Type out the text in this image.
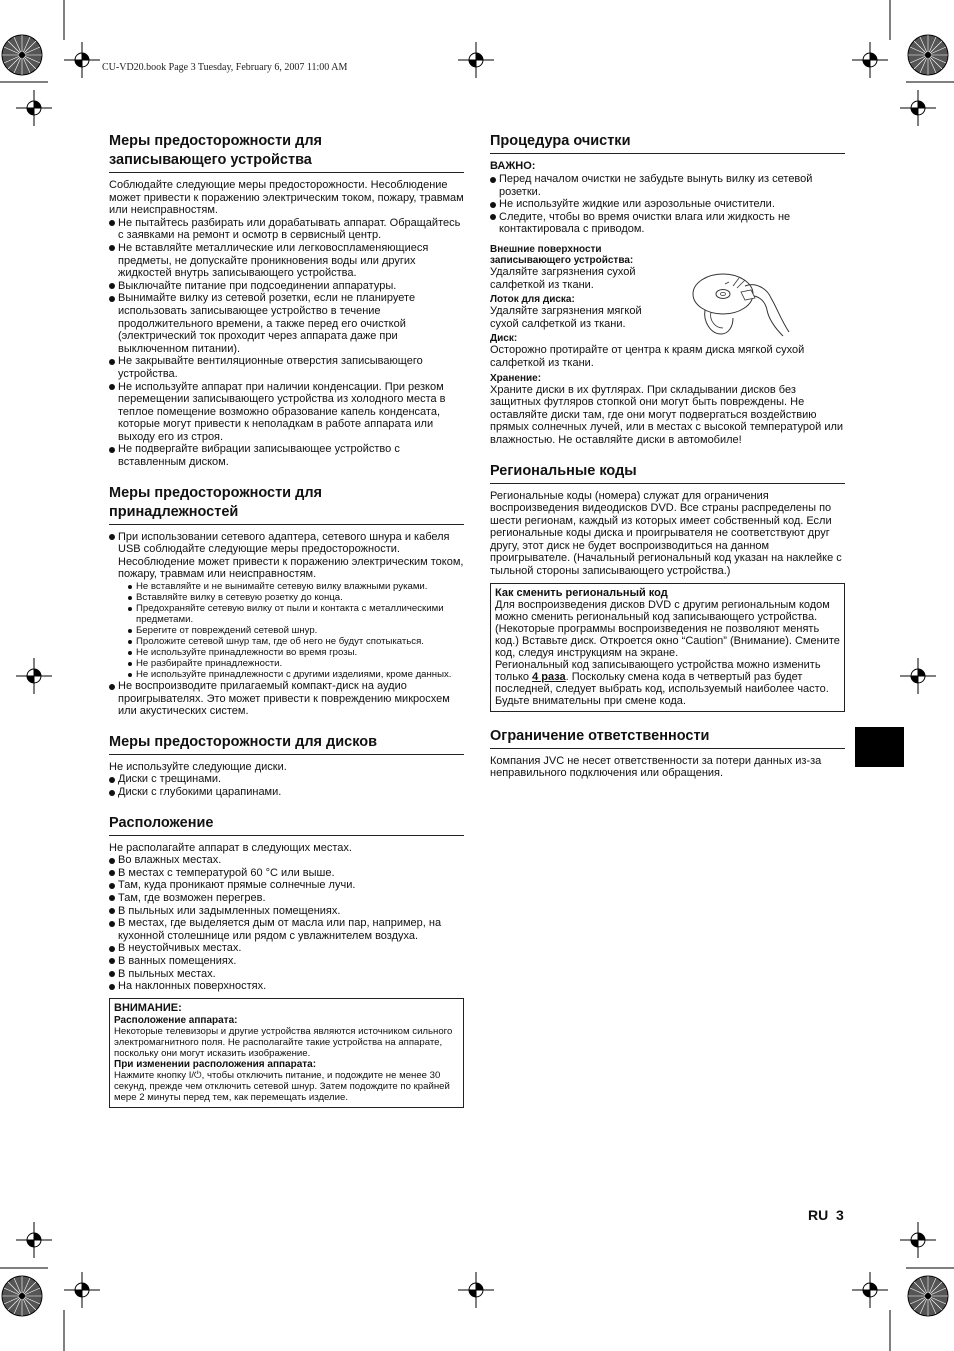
CU-VD20.book Page 3 Tuesday, February 6, 2007 11:00 AM
Меры предосторожности для
записывающего устройства

Соблюдайте следующие меры предосторожности. Несоблюдение может привести к поражению электрическим током, пожару, травмам или неисправностям.

Не пытайтесь разбирать или дорабатывать аппарат. Обращайтесь с заявками на ремонт и осмотр в сервисный центр.
Не вставляйте металлические или легковоспламеняющиеся предметы, не допускайте проникновения воды или других жидкостей внутрь записывающего устройства.
Выключайте питание при подсоединении аппаратуры.
Вынимайте вилку из сетевой розетки, если не планируете использовать записывающее устройство в течение продолжительного времени, а также перед его очисткой (электрический ток проходит через аппарата даже при выключенном питании).
Не закрывайте вентиляционные отверстия записывающего устройства.
Не используйте аппарат при наличии конденсации. При резком перемещении записывающего устройства из холодного места в теплое помещение возможно образование капель конденсата, которые могут привести к неполадкам в работе аппарата или выходу его из строя.
Не подвергайте вибрации записывающее устройство с вставленным диском.
Меры предосторожности для
принадлежностей
При использовании сетевого адаптера, сетевого шнура и кабеля USB соблюдайте следующие меры предосторожности. Несоблюдение может привести к поражению электрическим током, пожару, травмам или неисправностям.
Не вставляйте и не вынимайте сетевую вилку влажными руками.
Вставляйте вилку в сетевую розетку до конца.
Предохраняйте сетевую вилку от пыли и контакта с металлическими предметами.
Берегите от повреждений сетевой шнур.
Проложите сетевой шнур там, где об него не будут спотыкаться.
Не используйте принадлежности во время грозы.
Не разбирайте принадлежности.
Не используйте принадлежности с другими изделиями, кроме данных.
Не воспроизводите прилагаемый компакт-диск на аудио проигрывателях. Это может привести к повреждению микросхем или акустических систем.
Меры предосторожности для дисков

Не используйте следующие диски.

Диски с трещинами.
Диски с глубокими царапинами.
Расположение

Не располагайте аппарат в следующих местах.

Во влажных местах.
В местах с температурой 60 °C или выше.
Там, куда проникают прямые солнечные лучи.
Там, где возможен перегрев.
В пыльных или задымленных помещениях.
В местах, где выделяется дым от масла или пар, например, на кухонной столешнице или рядом с увлажнителем воздуха.
В неустойчивых местах.
В ванных помещениях.
В пыльных местах.
На наклонных поверхностях.
ВНИМАНИЕ:
Расположение аппарата:
Некоторые телевизоры и другие устройства являются источником сильного электромагнитного поля. Не располагайте такие устройства на аппарате, поскольку они могут исказить изображение.
При изменении расположения аппарата:
Нажмите кнопку I/⏻, чтобы отключить питание, и подождите не менее 30 секунд, прежде чем отключить сетевой шнур. Затем подождите по крайней мере 2 минуты перед тем, как перемещать изделие.
Процедура очистки
ВАЖНО:
Перед началом очистки не забудьте вынуть вилку из сетевой розетки.
Не используйте жидкие или аэрозольные очистители.
Следите, чтобы во время очистки влага или жидкость не контактировала с приводом.
Внешние поверхности
записывающего устройства:
Удаляйте загрязнения сухой салфеткой из ткани.
Лоток для диска:
Удаляйте загрязнения мягкой сухой салфеткой из ткани.
Диск:
Осторожно протирайте от центра к краям диска мягкой сухой салфеткой из ткани.
Хранение:
Храните диски в их футлярах. При складывании дисков без защитных футляров стопкой они могут быть повреждены. Не оставляйте диски там, где они могут подвергаться воздействию прямых солнечных лучей, или в местах с высокой температурой или влажностью. Не оставляйте диски в автомобиле!
Региональные коды

Региональные коды (номера) служат для ограничения воспроизведения видеодисков DVD. Все страны распределены по шести регионам, каждый из которых имеет собственный код. Если региональные коды диска и проигрывателя не соответствуют друг другу, этот диск не будет воспроизводиться на данном проигрывателе. (Начальный региональный код указан на наклейке с тыльной стороны записывающего устройства.)

Как сменить региональный код
Для воспроизведения дисков DVD с другим региональным кодом можно сменить региональный код записывающего устройства. (Некоторые программы воспроизведения не позволяют менять код.) Вставьте диск. Откроется окно “Caution” (Внимание). Смените код, следуя инструкциям на экране.
Региональный код записывающего устройства можно изменить только 4 раза. Поскольку смена кода в четвертый раз будет последней, следует выбрать код, используемый наиболее часто. Будьте внимательны при смене кода.
Ограничение ответственности

Компания JVC не несет ответственности за потери данных из-за неправильного подключения или обращения.

RU 3
